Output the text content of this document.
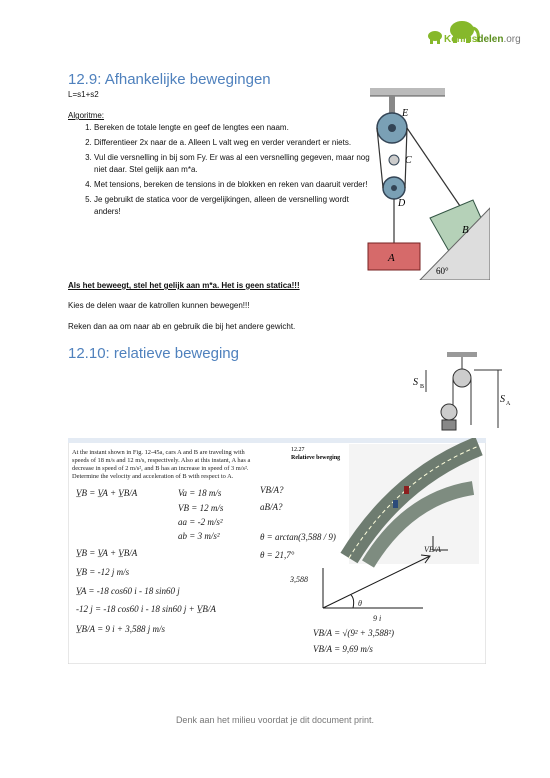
Kennisdelen.org
12.9: Afhankelijke bewegingen
L=s1+s2
Algoritme:
1. Bereken de totale lengte en geef de lengtes een naam.
2. Differentieer 2x naar de a. Alleen L valt weg en verder verandert er niets.
3. Vul die versnelling in bij som Fy. Er was al een versnelling gegeven, maar nog niet daar. Stel gelijk aan m*a.
4. Met tensions, bereken de tensions in de blokken en reken van daaruit verder!
5. Je gebruikt de statica voor de vergelijkingen, alleen de versnelling wordt anders!
Als het beweegt, stel het gelijk aan m*a. Het is geen statica!!!
Kies de delen waar de katrollen kunnen bewegen!!!
Reken dan aa om naar ab en gebruik die bij het andere gewicht.
E
C
D
A
B
60°
12.10: relatieve beweging
S B
S A
At the instant shown in Fig. 12-45a, cars A and B are traveling with
speeds of 18 m/s and 12 m/s, respectively. Also at this instant, A has a
decrease in speed of 2 m/s², and B has an increase in speed of 3 m/s².
Determine the velocity and acceleration of B with respect to A.
12.27
Relatieve beweging
V̲B = V̲A + V̲B/A	Va = 18 m/s
VB = 12 m/s
aa = -2 m/s²
ab = 3 m/s²
VB/A?
aB/A?
θ = arctan(3,588 / 9)
θ = 21,7°
V̲B = V̲A + V̲B/A
V̲B = -12 j m/s
V̲A = -18 cos60 i - 18 sin60 j
-12 j = -18 cos60 i - 18 sin60 j + V̲B/A
V̲B/A = 9 i + 3,588 j m/s	VB/A = √(9² + 3,588²)
VB/A = 9,69 m/s
VB/A
3,588
9 i
θ
Denk aan het milieu voordat je dit document print.
